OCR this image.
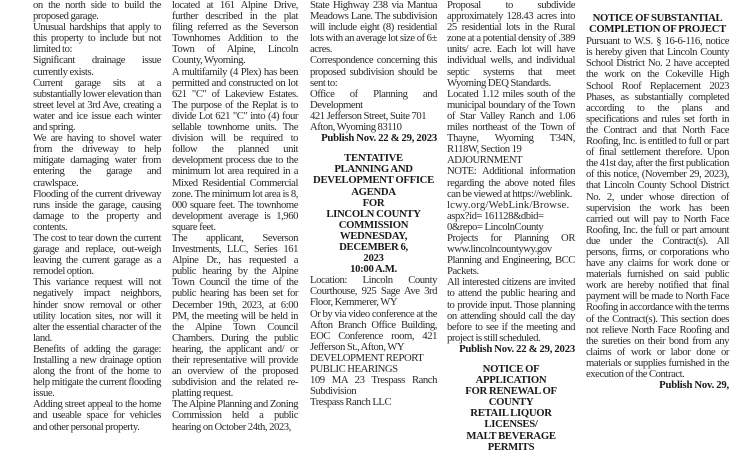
on the north side to build the proposed garage.

Unusual hardships that apply to this property to include but not limited to:

Significant drainage issue currently exists.

Current garage sits at a substantially lower elevation than street level at 3rd Ave, creating a water and ice issue each winter and spring.

We are having to shovel water from the driveway to help mitigate damaging water from entering the garage and crawlspace.

Flooding of the current driveway runs inside the garage, causing damage to the property and contents.

The cost to tear down the current garage and replace, out-weigh leaving the current garage as a remodel option.

This variance request will not negatively impact neighbors, hinder snow removal or other utility location sites, nor will it alter the essential character of the land.

Benefits of adding the garage: Installing a new drainage option along the front of the home to help mitigate the current flooding issue.

Adding street appeal to the home and useable space for vehicles and other personal property.

located at 161 Alpine Drive, further described in the plat filing referred as the Severson Townhomes Addition to the Town of Alpine, Lincoln County, Wyoming.

A multifamily (4 Plex) has been permitted and constructed on lot 621 "C" of Lakeview Estates. The purpose of the Replat is to divide Lot 621 "C" into (4) four sellable townhome units. The division will be required to follow the planned unit development process due to the minimum lot area required in a Mixed Residential Commercial zone. The minimum lot area is 8, 000 square feet. The townhome development average is 1,960 square feet.

The applicant, Severson Investments, LLC, Series 161 Alpine Dr., has requested a public hearing by the Alpine Town Council the time of the public hearing has been set for December 19th, 2023, at 6:00 PM, the meeting will be held in the Alpine Town Council Chambers. During the public hearing, the applicant and/ or their representative will provide an overview of the proposed subdivision and the related re-platting request.

The Alpine Planning and Zoning Commission held a public hearing on October 24th, 2023,

State Highway 238 via Mantua Meadows Lane. The subdivision will include eight (8) residential lots with an average lot size of 6± acres.

Correspondence concerning this proposed subdivision should be sent to:

Office of Planning and Development

421 Jefferson Street, Suite 701

Afton, Wyoming 83110

Publish Nov. 22 & 29, 2023

TENTATIVE

PLANNING AND

DEVELOPMENT OFFICE

AGENDA

FOR

LINCOLN COUNTY

COMMISSION

WEDNESDAY, DECEMBER 6,

2023

10:00 A.M.

Location: Lincoln County Courthouse, 925 Sage Ave 3rd Floor, Kemmerer, WY

Or by via video conference at the Afton Branch Office Building, EOC Conference room, 421 Jefferson St., Afton, WY

DEVELOPMENT REPORT

PUBLIC HEARINGS

109 MA 23 Trespass Ranch Subdivision

Trespass Ranch LLC

Proposal to subdivide approximately 128.43 acres into 25 residential lots in the Rural zone at a potential density of .389 units/ acre. Each lot will have individual wells, and individual septic systems that meet Wyoming DEQ Standards.

Located 1.12 miles south of the municipal boundary of the Town of Star Valley Ranch and 1.06 miles northeast of the Town of Thayne, Wyoming T34N, R118W, Section 19

ADJOURNMENT

NOTE: Additional information regarding the above noted files can be viewed at https://weblink.

lcwy.org/WebLink/Browse.

aspx?id= 161128&dbid= 0&repo= LincolnCounty

Projects for Planning OR www.lincolncountywy.gov Planning and Engineering, BCC Packets.

All interested citizens are invited to attend the public hearing and to provide input. Those planning on attending should call the day before to see if the meeting and project is still scheduled.

Publish Nov. 22 & 29, 2023

NOTICE OF APPLICATION

FOR RENEWAL OF COUNTY

RETAIL LIQUOR LICENSES/

MALT BEVERAGE PERMITS

NOTICE OF SUBSTANTIAL

COMPLETION OF PROJECT

Pursuant to W.S. § 16-6-116, notice is hereby given that Lincoln County School District No. 2 have accepted the work on the Cokeville High School Roof Replacement 2023 Phases, as substantially completed according to the plans and specifications and rules set forth in the Contract and that North Face Roofing, Inc. is entitled to full or part of final settlement therefore. Upon the 41st day, after the first publication of this notice, (November 29, 2023), that Lincoln County School District No. 2, under whose direction of supervision the work has been carried out will pay to North Face Roofing, Inc. the full or part amount due under the Contract(s). All persons, firms, or corporations who have any claims for work done or materials furnished on said public work are hereby notified that final payment will be made to North Face Roofing in accordance with the terms of the Contract(s). This section does not relieve North Face Roofing and the sureties on their bond from any claims of work or labor done or materials or supplies furnished in the execution of the Contract.

Publish Nov. 29,
